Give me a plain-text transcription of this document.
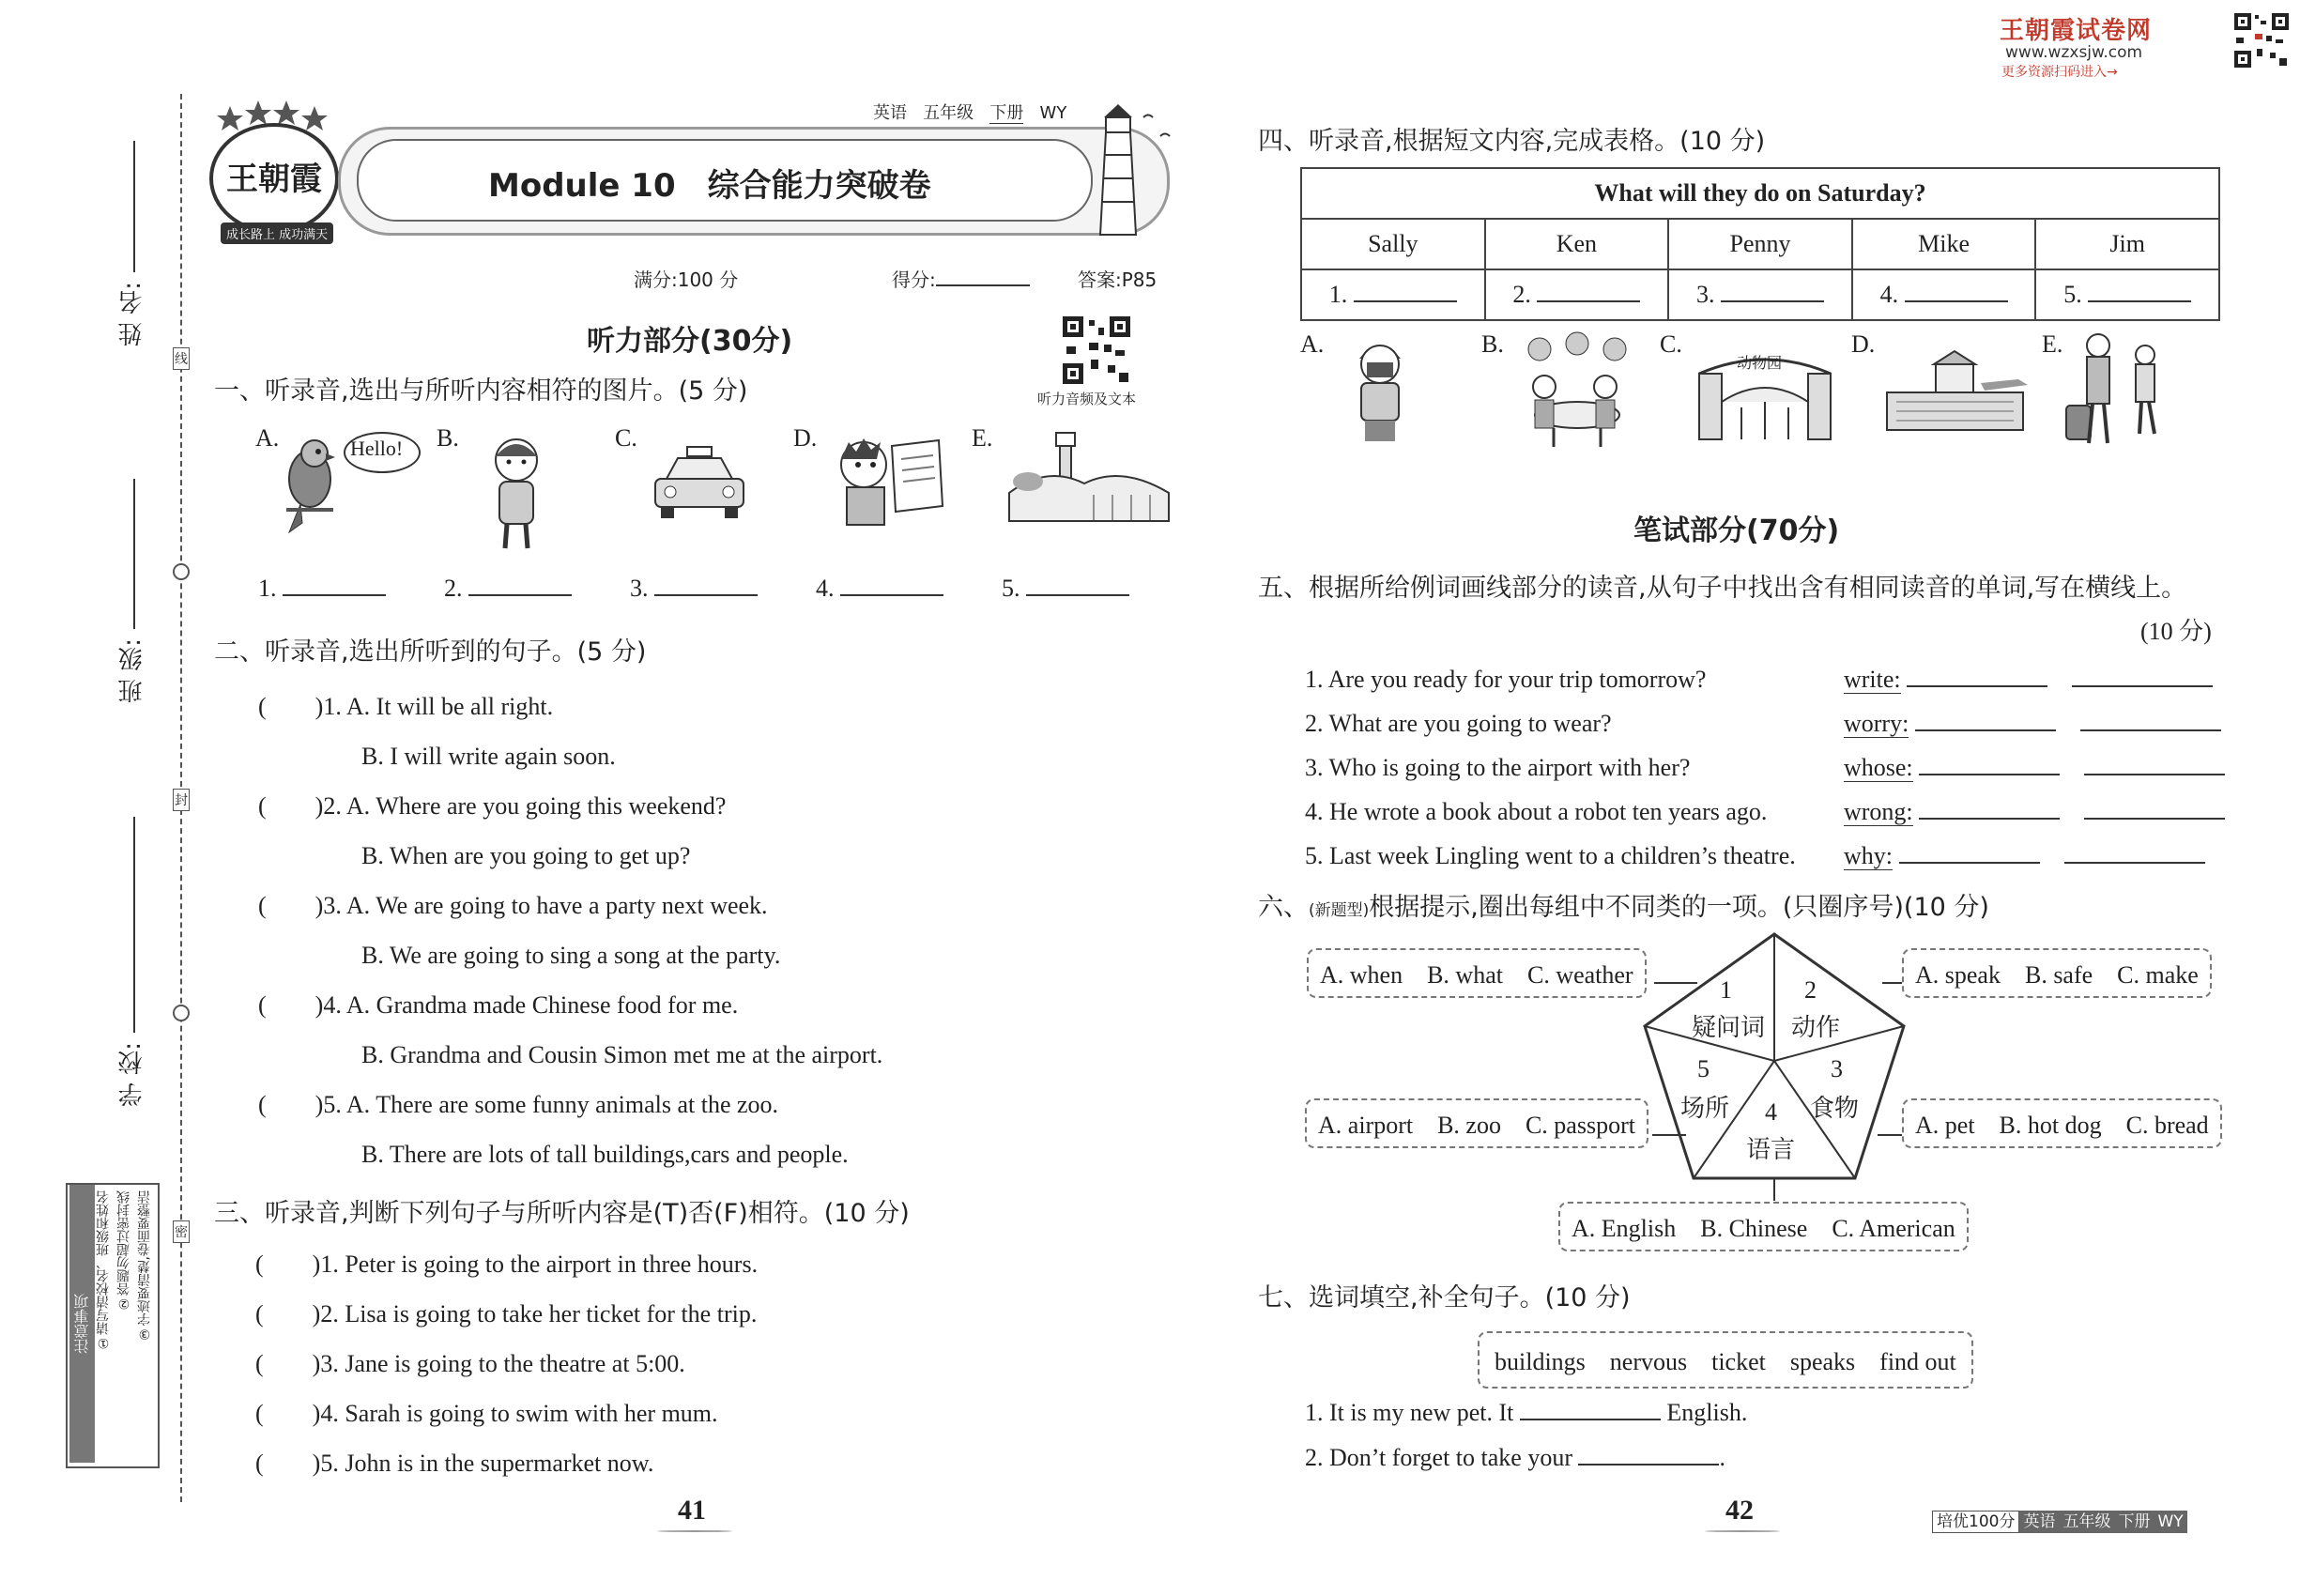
王朝霞试卷网
www.wzxsjw.com
更多资源扫码进入→
姓 名:
班 级:
学 校:
线
封
密
注意事项 ①请写清校名、班级和姓名 ②答题勿超过密封线 ③字迹要清楚,卷面要整洁
王朝霞
成长路上 成功满天
英语 五年级 下册 WY
Module 10　综合能力突破卷
满分:100 分	得分:	答案:P85
听力音频及文本
听力部分(30分)
一、听录音,选出与所听内容相符的图片。(5 分)
A.	Hello! B.	C.	D.	E.
1.	2.	3.	4.	5.
二、听录音,选出所听到的句子。(5 分)
(        )1. A. It will be all right.
B. I will write again soon.
(        )2. A. Where are you going this weekend?
B. When are you going to get up?
(        )3. A. We are going to have a party next week.
B. We are going to sing a song at the party.
(        )4. A. Grandma made Chinese food for me.
B. Grandma and Cousin Simon met me at the airport.
(        )5. A. There are some funny animals at the zoo.
B. There are lots of tall buildings,cars and people.
三、听录音,判断下列句子与所听内容是(T)否(F)相符。(10 分)
(        )1. Peter is going to the airport in three hours.
(        )2. Lisa is going to take her ticket for the trip.
(        )3. Jane is going to the theatre at 5:00.
(        )4. Sarah is going to swim with her mum.
(        )5. John is in the supermarket now.
41
四、听录音,根据短文内容,完成表格。(10 分)
What will they do on Saturday?				
Sally	Ken	Penny	Mike	Jim
1.	2.	3.	4.	5.
A.	B.	C.
动物园
D.	E.
笔试部分(70分)
五、根据所给例词画线部分的读音,从句子中找出含有相同读音的单词,写在横线上。
(10 分)
1. Are you ready for your trip tomorrow?	write:
2. What are you going to wear?	worry:
3. Who is going to the airport with her?	whose:
4. He wrote a book about a robot ten years ago.	wrong:
5. Last week Lingling went to a children’s theatre. why:
六、(新题型)根据提示,圈出每组中不同类的一项。(只圈序号)(10 分)
1
疑问词
2
动作
3
食物
4
语言
5
场所
A. when　B. what　C. weather	A. speak　B. safe　C. make
A. pet　B. hot dog　C. bread
A. English　B. Chinese　C. American
A. airport　B. zoo　C. passport
七、选词填空,补全句子。(10 分)
buildings　nervous　ticket　speaks　find out
1. It is my new pet. It	English.
2. Don’t forget to take your	.
42	培优100分 英语 五年级 下册 WY
